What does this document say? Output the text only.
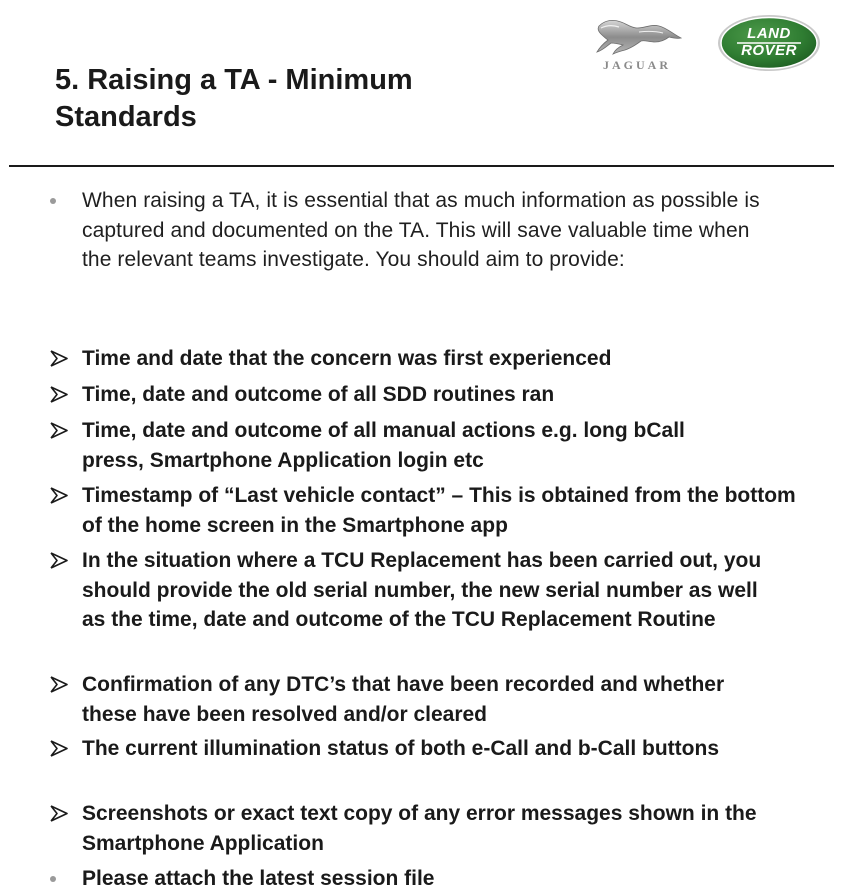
5. Raising a TA - Minimum Standards
JAGUAR
LAND
ROVER
When raising a TA, it is essential that as much information as possible is captured and documented on the TA. This will save valuable time when the relevant teams investigate. You should aim to provide:
Time and date that the concern was first experienced
Time, date and outcome of all SDD routines ran
Time, date and outcome of all manual actions e.g. long bCall press, Smartphone Application login etc
Timestamp of “Last vehicle contact” – This is obtained from the bottom of the home screen in the Smartphone app
In the situation where a TCU Replacement has been carried out, you should provide the old serial number, the new serial number as well as the time, date and outcome of the TCU Replacement Routine
Confirmation of any DTC’s that have been recorded and whether these have been resolved and/or cleared
The current illumination status of both e-Call and b-Call buttons
Screenshots or exact text copy of any error messages shown in the Smartphone Application
Please attach the latest session file
